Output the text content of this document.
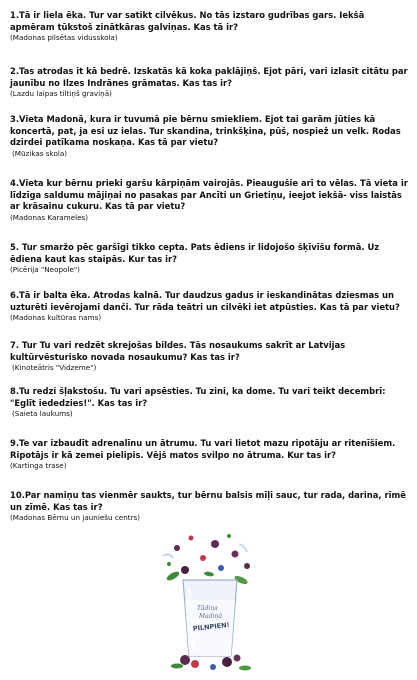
1.Tā ir liela ēka. Tur var satikt cilvēkus. No tās izstaro gudrības gars. Iekšā apmēram tūkstoš zinātkāras galviņas. Kas tā ir?

(Madonas pilsētas vidusskola)

2.Tas atrodas it kā bedrē. Izskatās kā koka paklājiņš. Ejot pāri, vari izlasīt citātu par jaunību no Ilzes Indrānes grāmatas. Kas tas ir?

(Lazdu laipas tiltiņš graviņā)

3.Vieta Madonā, kura ir tuvumā pie bērnu smiekliem. Ejot tai garām jūties kā koncertā, pat, ja esi uz ielas. Tur skandina, trinkšķina, pūš, nospiež un velk. Rodas dzirdei patīkama noskaņa. Kas tā par vietu?

(Mūzikas skola)

4.Vieta kur bērnu prieki garšu kārpiņām vairojās. Pieaugušie arī to vēlas. Tā vieta ir līdzīga saldumu mājiņai no pasakas par Ancīti un Grietiņu, ieejot iekšā- viss laistās ar krāsainu cukuru. Kas tā par vietu?

(Madonas Karameles)

5. Tur smaržo pēc garšīgi tikko cepta. Pats ēdiens ir lidojošo šķīvīšu formā. Uz ēdiena kaut kas staipās. Kur tas ir?

(Picērija "Neopole")

6.Tā ir balta ēka. Atrodas kalnā. Tur daudzus gadus ir ieskandinātas dziesmas un uzturēti ievērojami danči. Tur rāda teātri un cilvēki iet atpūsties. Kas tā par vietu?

(Madonas kultūras nams)

7. Tur Tu vari redzēt skrejošas bildes. Tās nosaukums sakrīt ar Latvijas kultūrvēsturisko novada nosaukumu? Kas tas ir?

(Kinoteātris "Vidzeme")

8.Tu redzi šļakstošu. Tu vari apsēsties. Tu zini, ka dome. Tu vari teikt decembrī: "Eglīt iededzies!". Kas tas ir?

(Saieta laukums)

9.Te var izbaudīt adrenalīnu un ātrumu. Tu vari lietot mazu ripotāju ar ritenīšiem. Ripotājs ir kā zemei pielipis. Vējš matos svilpo no ātruma. Kur tas ir?

(Kartinga trase)

10.Par namiņu tas vienmēr saukts, tur bērnu balsis mīļi sauc, tur rada, darina, rīmē un zīmē. Kas tas ir?

(Madonas Bērnu un jauniešu centrs)

Tādiņa
Madiņā
PILNPIEN!
